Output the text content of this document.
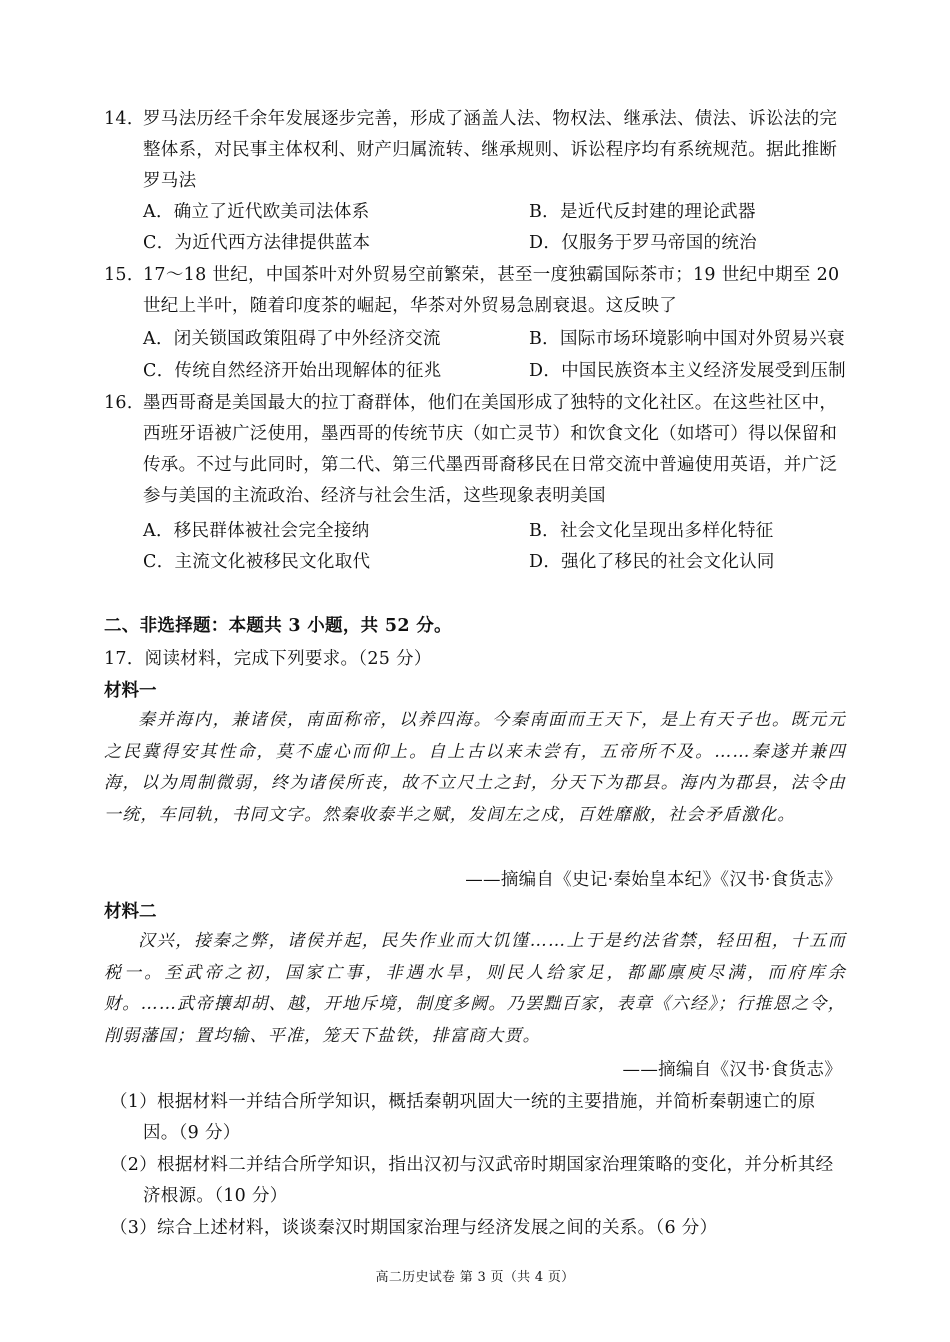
14．
罗马法历经千余年发展逐步完善，形成了涵盖人法、物权法、继承法、债法、诉讼法的完整体系，对民事主体权利、财产归属流转、继承规则、诉讼程序均有系统规范。据此推断罗马法
A．确立了近代欧美司法体系	B．是近代反封建的理论武器
C．为近代西方法律提供蓝本	D．仅服务于罗马帝国的统治
15．
17～18 世纪，中国茶叶对外贸易空前繁荣，甚至一度独霸国际茶市；19 世纪中期至 20 世纪上半叶，随着印度茶的崛起，华茶对外贸易急剧衰退。这反映了
A．闭关锁国政策阻碍了中外经济交流	B．国际市场环境影响中国对外贸易兴衰
C．传统自然经济开始出现解体的征兆	D．中国民族资本主义经济发展受到压制
16．
墨西哥裔是美国最大的拉丁裔群体，他们在美国形成了独特的文化社区。在这些社区中，西班牙语被广泛使用，墨西哥的传统节庆（如亡灵节）和饮食文化（如塔可）得以保留和传承。不过与此同时，第二代、第三代墨西哥裔移民在日常交流中普遍使用英语，并广泛参与美国的主流政治、经济与社会生活，这些现象表明美国
A．移民群体被社会完全接纳	B．社会文化呈现出多样化特征
C．主流文化被移民文化取代	D．强化了移民的社会文化认同
二、非选择题：本题共 3 小题，共 52 分。
17．阅读材料，完成下列要求。（25 分）
材料一
秦并海内，兼诸侯，南面称帝，以养四海。今秦南面而王天下，是上有天子也。既元元之民冀得安其性命，莫不虚心而仰上。自上古以来未尝有，五帝所不及。……秦遂并兼四海，以为周制微弱，终为诸侯所丧，故不立尺土之封，分天下为郡县。海内为郡县，法令由一统，车同轨，书同文字。然秦收泰半之赋，发闾左之戍，百姓靡敝，社会矛盾激化。
——摘编自《史记·秦始皇本纪》《汉书·食货志》
材料二
汉兴，接秦之弊，诸侯并起，民失作业而大饥馑……上于是约法省禁，轻田租，十五而税一。至武帝之初，国家亡事，非遇水旱，则民人给家足，都鄙廪庾尽满，而府库余财。……武帝攘却胡、越，开地斥境，制度多阙。乃罢黜百家，表章《六经》；行推恩之令，削弱藩国；置均输、平准，笼天下盐铁，排富商大贾。
——摘编自《汉书·食货志》
（1）根据材料一并结合所学知识，概括秦朝巩固大一统的主要措施，并简析秦朝速亡的原因。（9 分）
（2）根据材料二并结合所学知识，指出汉初与汉武帝时期国家治理策略的变化，并分析其经济根源。（10 分）
（3）综合上述材料，谈谈秦汉时期国家治理与经济发展之间的关系。（6 分）
高二历史试卷 第 3 页（共 4 页）
